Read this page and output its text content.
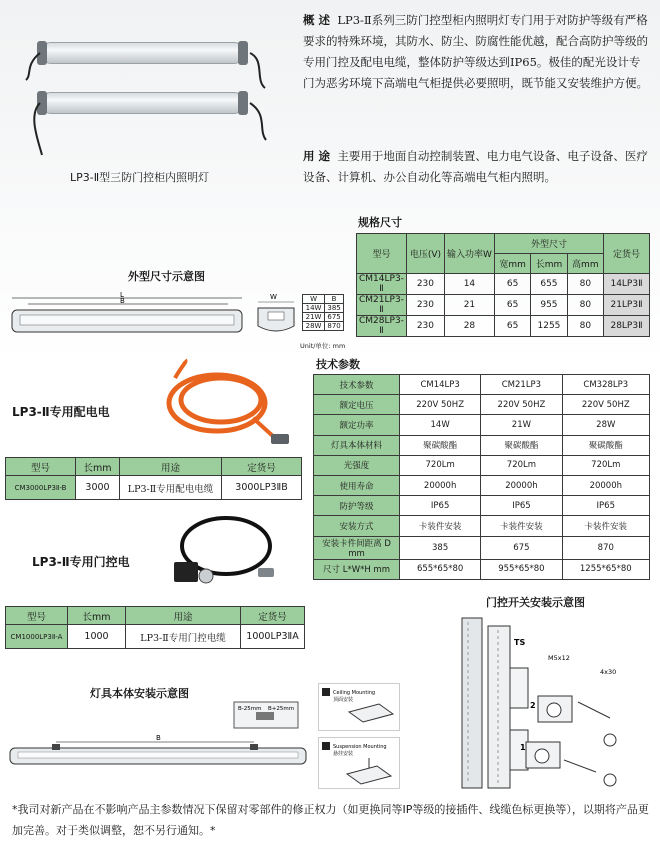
LP3-Ⅱ型三防门控柜内照明灯
概 述 LP3-Ⅱ系列三防门控型柜内照明灯专门用于对防护等级有严格要求的特殊环境，其防水、防尘、防腐性能优越，配合高防护等级的专用门控及配电电缆，整体防护等级达到IP65。极佳的配光设计专门为恶劣环境下高端电气柜提供必要照明，既节能又安装维护方便。
用 途 主要用于地面自动控制装置、电力电气设备、电子设备、医疗设备、计算机、办公自动化等高端电气柜内照明。
规格尺寸
型号	电压(V)	输入功率W	外型尺寸			定货号
			宽mm	长mm	高mm	
CM14LP3-Ⅱ	230	14	65	655	80	14LP3Ⅱ
CM21LP3-Ⅱ	230	21	65	955	80	21LP3Ⅱ
CM28LP3-Ⅱ	230	28	65	1255	80	28LP3Ⅱ
外型尺寸示意图
L
B	W	W	B
14W	385
21W	675
28W	870
Unit/单位: mm
技术参数
技术参数	CM14LP3	CM21LP3	CM328LP3
额定电压	220V 50HZ	220V 50HZ	220V 50HZ
额定功率	14W	21W	28W
灯具本体材料	聚碳酸酯	聚碳酸酯	聚碳酸酯
光强度	720Lm	720Lm	720Lm
使用寿命	20000h	20000h	20000h
防护等级	IP65	IP65	IP65
安装方式	卡装件安装	卡装件安装	卡装件安装
安装卡件间距离 D mm	385	675	870
尺寸 L*W*H mm	655*65*80	955*65*80	1255*65*80
LP3-Ⅱ专用配电电
型号	长mm	用途	定货号
CM3000LP3Ⅱ-B	3000	LP3-Ⅱ专用配电电缆	3000LP3ⅡB
LP3-Ⅱ专用门控电
型号	长mm	用途	定货号
CM1000LP3Ⅱ-A	1000	LP3-Ⅱ专用门控电缆	1000LP3ⅡA
门控开关安装示意图
TS
M5x12
4x30
2
1
灯具本体安装示意图
B-25mm B+25mm
B
Ceiling Mounting
顶面安装
Suspension Mounting
悬挂安装
*我司对新产品在不影响产品主参数情况下保留对零部件的修正权力（如更换同等IP等级的接插件、线缆色标更换等），以期将产品更加完善。对于类似调整，恕不另行通知。*
